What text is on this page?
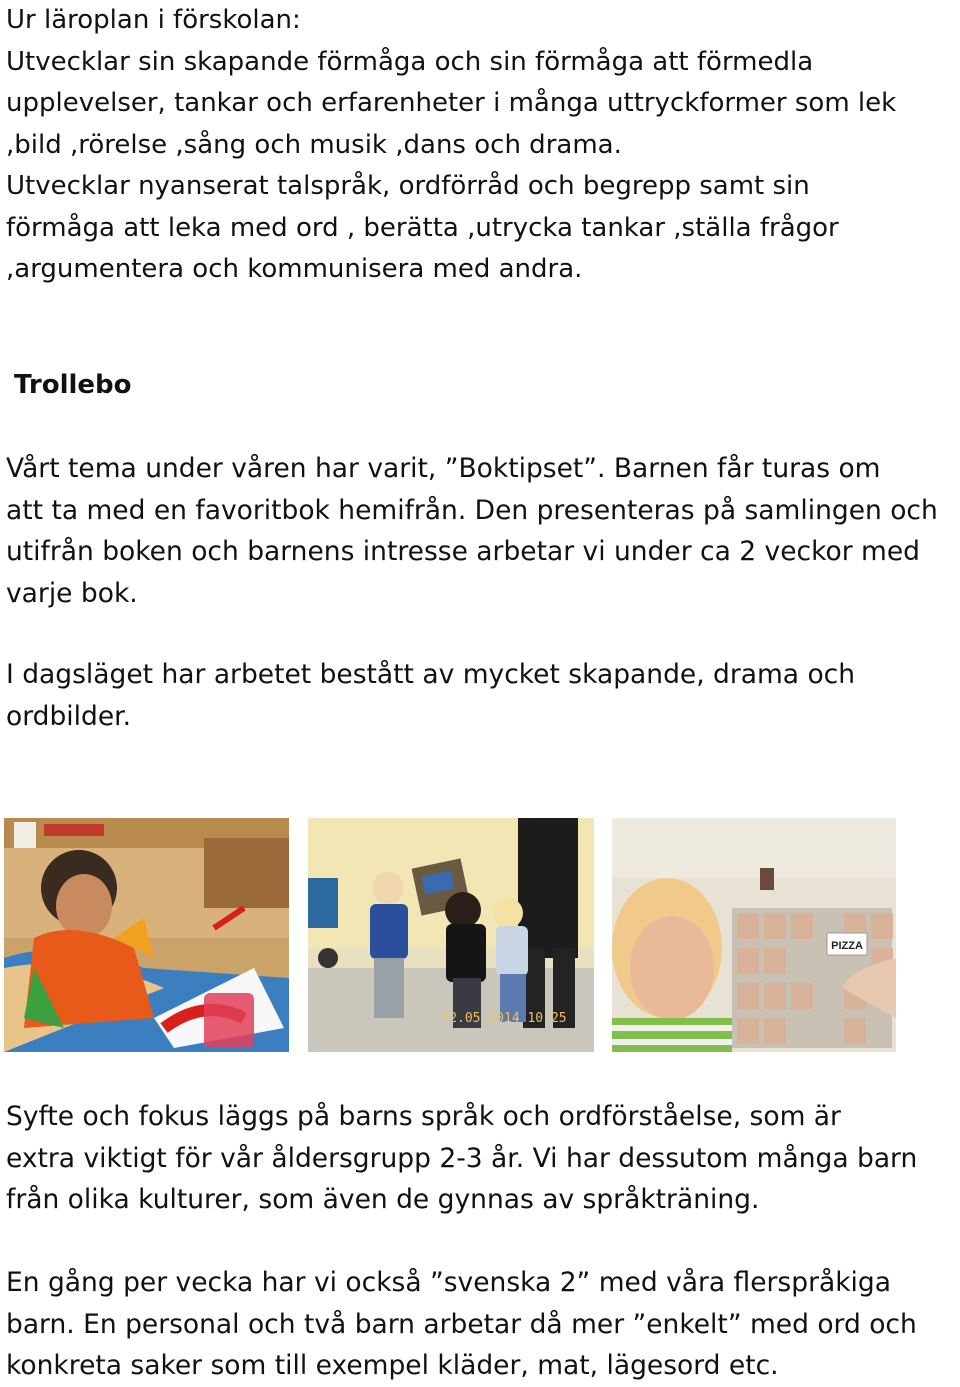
Ur läroplan i förskolan:
Utvecklar sin skapande förmåga och sin förmåga att förmedla
upplevelser, tankar och erfarenheter i många uttryckformer som lek
,bild ,rörelse ,sång och musik ,dans och drama.
Utvecklar nyanserat talspråk, ordförråd och begrepp samt sin
förmåga att leka med ord , berätta ,utrycka tankar ,ställa frågor
,argumentera och kommunisera med andra.
Trollebo
Vårt tema under våren har varit, ”Boktipset”. Barnen får turas om
att ta med en favoritbok hemifrån. Den presenteras på samlingen och
utifrån boken och barnens intresse arbetar vi under ca 2 veckor med
varje bok.
I dagsläget har arbetet bestått av mycket skapande, drama och
ordbilder.
22.05.2014 10:25
PIZZA
Syfte och fokus läggs på barns språk och ordförståelse, som är
extra viktigt för vår åldersgrupp 2-3 år. Vi har dessutom många barn
från olika kulturer, som även de gynnas av språkträning.
En gång per vecka har vi också ”svenska 2” med våra flerspråkiga
barn. En personal och två barn arbetar då mer ”enkelt” med ord och
konkreta saker som till exempel kläder, mat, lägesord etc.
